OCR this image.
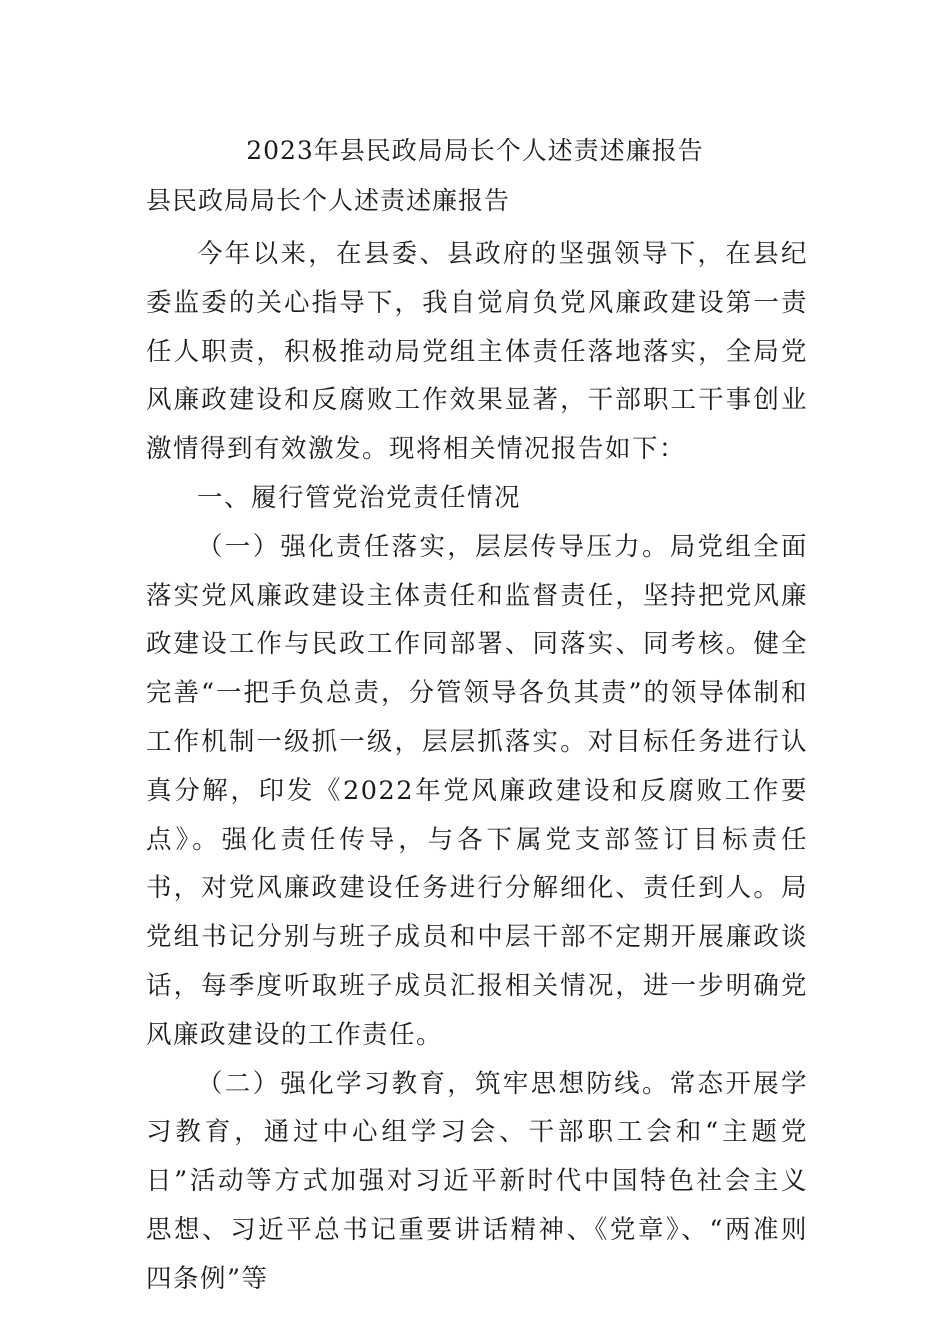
2023年县民政局局长个人述责述廉报告
县民政局局长个人述责述廉报告

今年以来，在县委、县政府的坚强领导下，在县纪委监委的关心指导下，我自觉肩负党风廉政建设第一责任人职责，积极推动局党组主体责任落地落实，全局党风廉政建设和反腐败工作效果显著，干部职工干事创业激情得到有效激发。现将相关情况报告如下：

一、履行管党治党责任情况

（一）强化责任落实，层层传导压力。局党组全面落实党风廉政建设主体责任和监督责任，坚持把党风廉政建设工作与民政工作同部署、同落实、同考核。健全完善“一把手负总责，分管领导各负其责”的领导体制和工作机制一级抓一级，层层抓落实。对目标任务进行认真分解，印发《2022年党风廉政建设和反腐败工作要点》。强化责任传导，与各下属党支部签订目标责任书，对党风廉政建设任务进行分解细化、责任到人。局党组书记分别与班子成员和中层干部不定期开展廉政谈话，每季度听取班子成员汇报相关情况，进一步明确党风廉政建设的工作责任。

（二）强化学习教育，筑牢思想防线。常态开展学习教育，通过中心组学习会、干部职工会和“主题党日”活动等方式加强对习近平新时代中国特色社会主义思想、习近平总书记重要讲话精神、《党章》、“两准则四条例”等
